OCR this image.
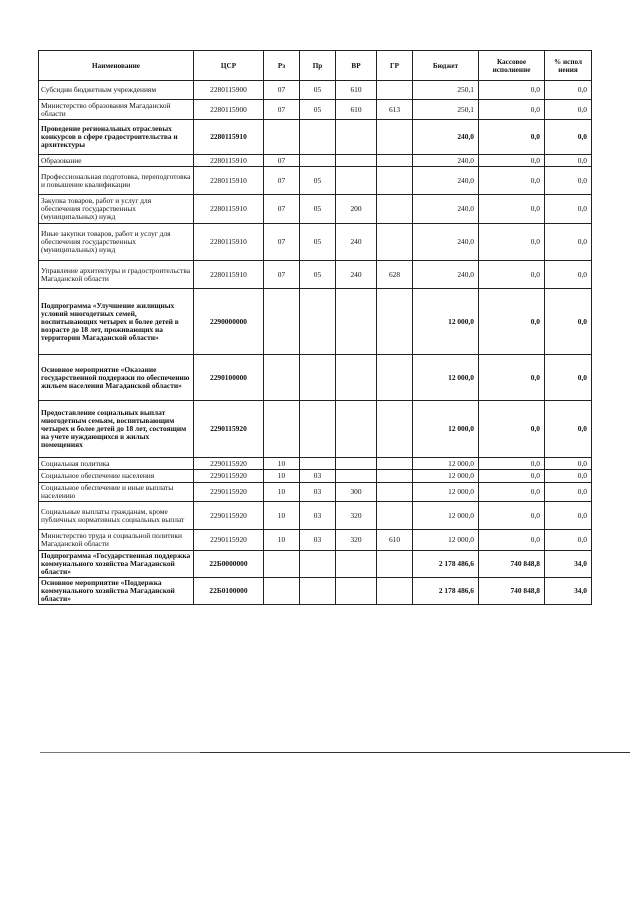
Наименование	ЦСР	Рз	Пр	ВР	ГР	Бюджет	Кассовое исполнение	% испол нения
Субсидии бюджетным учреждениям	2280115900	07	05	610		250,1	0,0	0,0
Министерство образования Магаданской области	2280115900	07	05	610	613	250,1	0,0	0,0
Проведение региональных отраслевых конкурсов в сфере градостроительства и архитектуры	2280115910					240,0	0,0	0,0
Образование	2280115910	07				240,0	0,0	0,0
Профессиональная подготовка, переподготовка и повышение квалификации	2280115910	07	05			240,0	0,0	0,0
Закупка товаров, работ и услуг для обеспечения государственных (муниципальных) нужд	2280115910	07	05	200		240,0	0,0	0,0
Иные закупки товаров, работ и услуг для обеспечения государственных (муниципальных) нужд	2280115910	07	05	240		240,0	0,0	0,0
Управление архитектуры и градостроительства Магаданской области	2280115910	07	05	240	628	240,0	0,0	0,0
Подпрограмма «Улучшение жилищных условий многодетных семей, воспитывающих четырех и более детей в возрасте до 18 лет, проживающих на территории Магаданской области»	2290000000					12 000,0	0,0	0,0
Основное мероприятие «Оказание государственной поддержки по обеспечению жильем населения Магаданской области»	2290100000					12 000,0	0,0	0,0
Предоставление социальных выплат многодетным семьям, воспитывающим четырех и более детей до 18 лет, состоящим на учете нуждающихся в жилых помещениях	2290115920					12 000,0	0,0	0,0
Социальная политика	2290115920	10				12 000,0	0,0	0,0
Социальное обеспечение населения	2290115920	10	03			12 000,0	0,0	0,0
Социальное обеспечение и иные выплаты населению	2290115920	10	03	300		12 000,0	0,0	0,0
Социальные выплаты гражданам, кроме публичных нормативных социальных выплат	2290115920	10	03	320		12 000,0	0,0	0,0
Министерство труда и социальной политики Магаданской области	2290115920	10	03	320	610	12 000,0	0,0	0,0
Подпрограмма «Государственная поддержка коммунального хозяйства Магаданской области»	22Б0000000					2 178 486,6	740 848,8	34,0
Основное мероприятие «Поддержка коммунального хозяйства Магаданской области»	22Б0100000					2 178 486,6	740 848,8	34,0
